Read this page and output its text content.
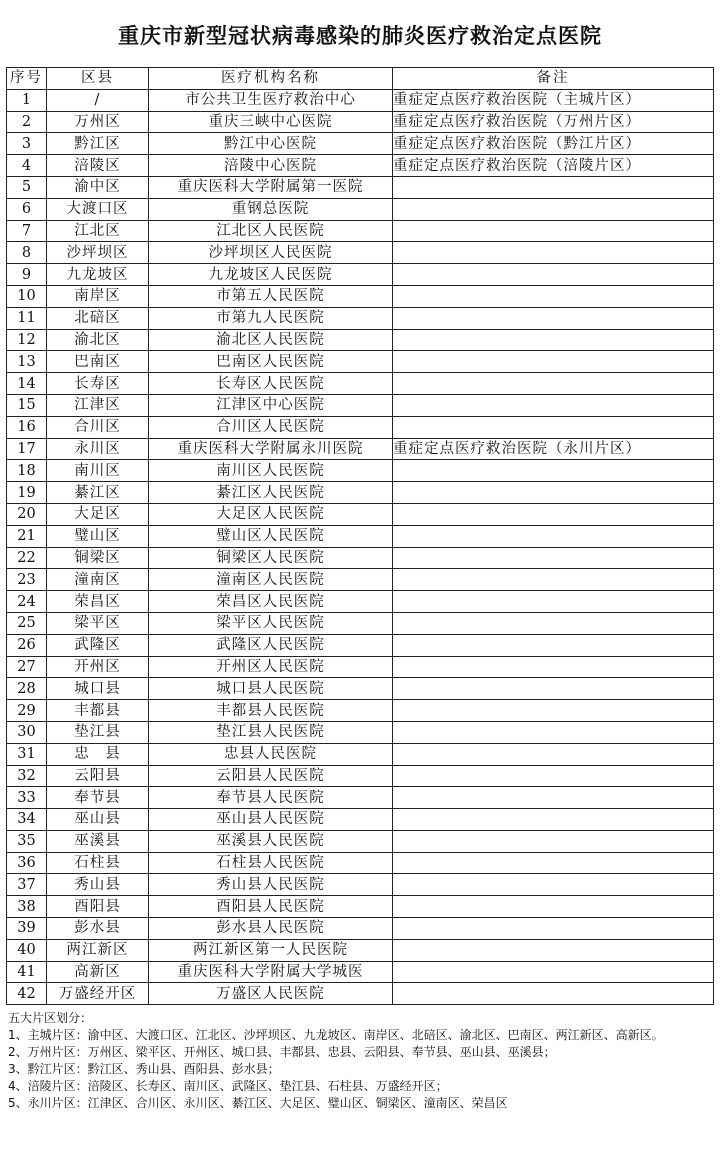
重庆市新型冠状病毒感染的肺炎医疗救治定点医院
序号	区县	医疗机构名称	备注
1	/	市公共卫生医疗救治中心	重症定点医疗救治医院（主城片区）
2	万州区	重庆三峡中心医院	重症定点医疗救治医院（万州片区）
3	黔江区	黔江中心医院	重症定点医疗救治医院（黔江片区）
4	涪陵区	涪陵中心医院	重症定点医疗救治医院（涪陵片区）
5	渝中区	重庆医科大学附属第一医院	
6	大渡口区	重钢总医院	
7	江北区	江北区人民医院	
8	沙坪坝区	沙坪坝区人民医院	
9	九龙坡区	九龙坡区人民医院	
10	南岸区	市第五人民医院	
11	北碚区	市第九人民医院	
12	渝北区	渝北区人民医院	
13	巴南区	巴南区人民医院	
14	长寿区	长寿区人民医院	
15	江津区	江津区中心医院	
16	合川区	合川区人民医院	
17	永川区	重庆医科大学附属永川医院	重症定点医疗救治医院（永川片区）
18	南川区	南川区人民医院	
19	綦江区	綦江区人民医院	
20	大足区	大足区人民医院	
21	璧山区	璧山区人民医院	
22	铜梁区	铜梁区人民医院	
23	潼南区	潼南区人民医院	
24	荣昌区	荣昌区人民医院	
25	梁平区	梁平区人民医院	
26	武隆区	武隆区人民医院	
27	开州区	开州区人民医院	
28	城口县	城口县人民医院	
29	丰都县	丰都县人民医院	
30	垫江县	垫江县人民医院	
31	忠　县	忠县人民医院	
32	云阳县	云阳县人民医院	
33	奉节县	奉节县人民医院	
34	巫山县	巫山县人民医院	
35	巫溪县	巫溪县人民医院	
36	石柱县	石柱县人民医院	
37	秀山县	秀山县人民医院	
38	酉阳县	酉阳县人民医院	
39	彭水县	彭水县人民医院	
40	两江新区	两江新区第一人民医院	
41	高新区	重庆医科大学附属大学城医	
42	万盛经开区	万盛区人民医院	
五大片区划分：
1、主城片区：渝中区、大渡口区、江北区、沙坪坝区、九龙坡区、南岸区、北碚区、渝北区、巴南区、两江新区、高新区。
2、万州片区：万州区、梁平区、开州区、城口县、丰都县、忠县、云阳县、奉节县、巫山县、巫溪县；
3、黔江片区：黔江区、秀山县、酉阳县、彭水县；
4、涪陵片区：涪陵区、长寿区、南川区、武隆区、垫江县、石柱县、万盛经开区；
5、永川片区：江津区、合川区、永川区、綦江区、大足区、璧山区、铜梁区、潼南区、荣昌区
